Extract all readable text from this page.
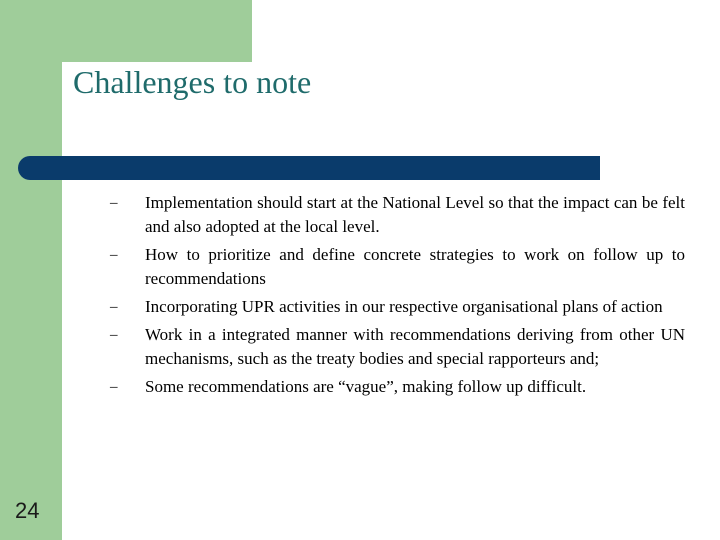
Challenges to note
–	Implementation should start at the National Level so that the impact can be felt and also adopted at the local level.
–	How to prioritize and define concrete strategies to work on follow up to recommendations
–	Incorporating UPR activities in our respective organisational plans of action
–	Work in a integrated manner with recommendations deriving from other UN mechanisms, such as the treaty bodies and special rapporteurs and;
–	Some recommendations are “vague”, making follow up difficult.
24
